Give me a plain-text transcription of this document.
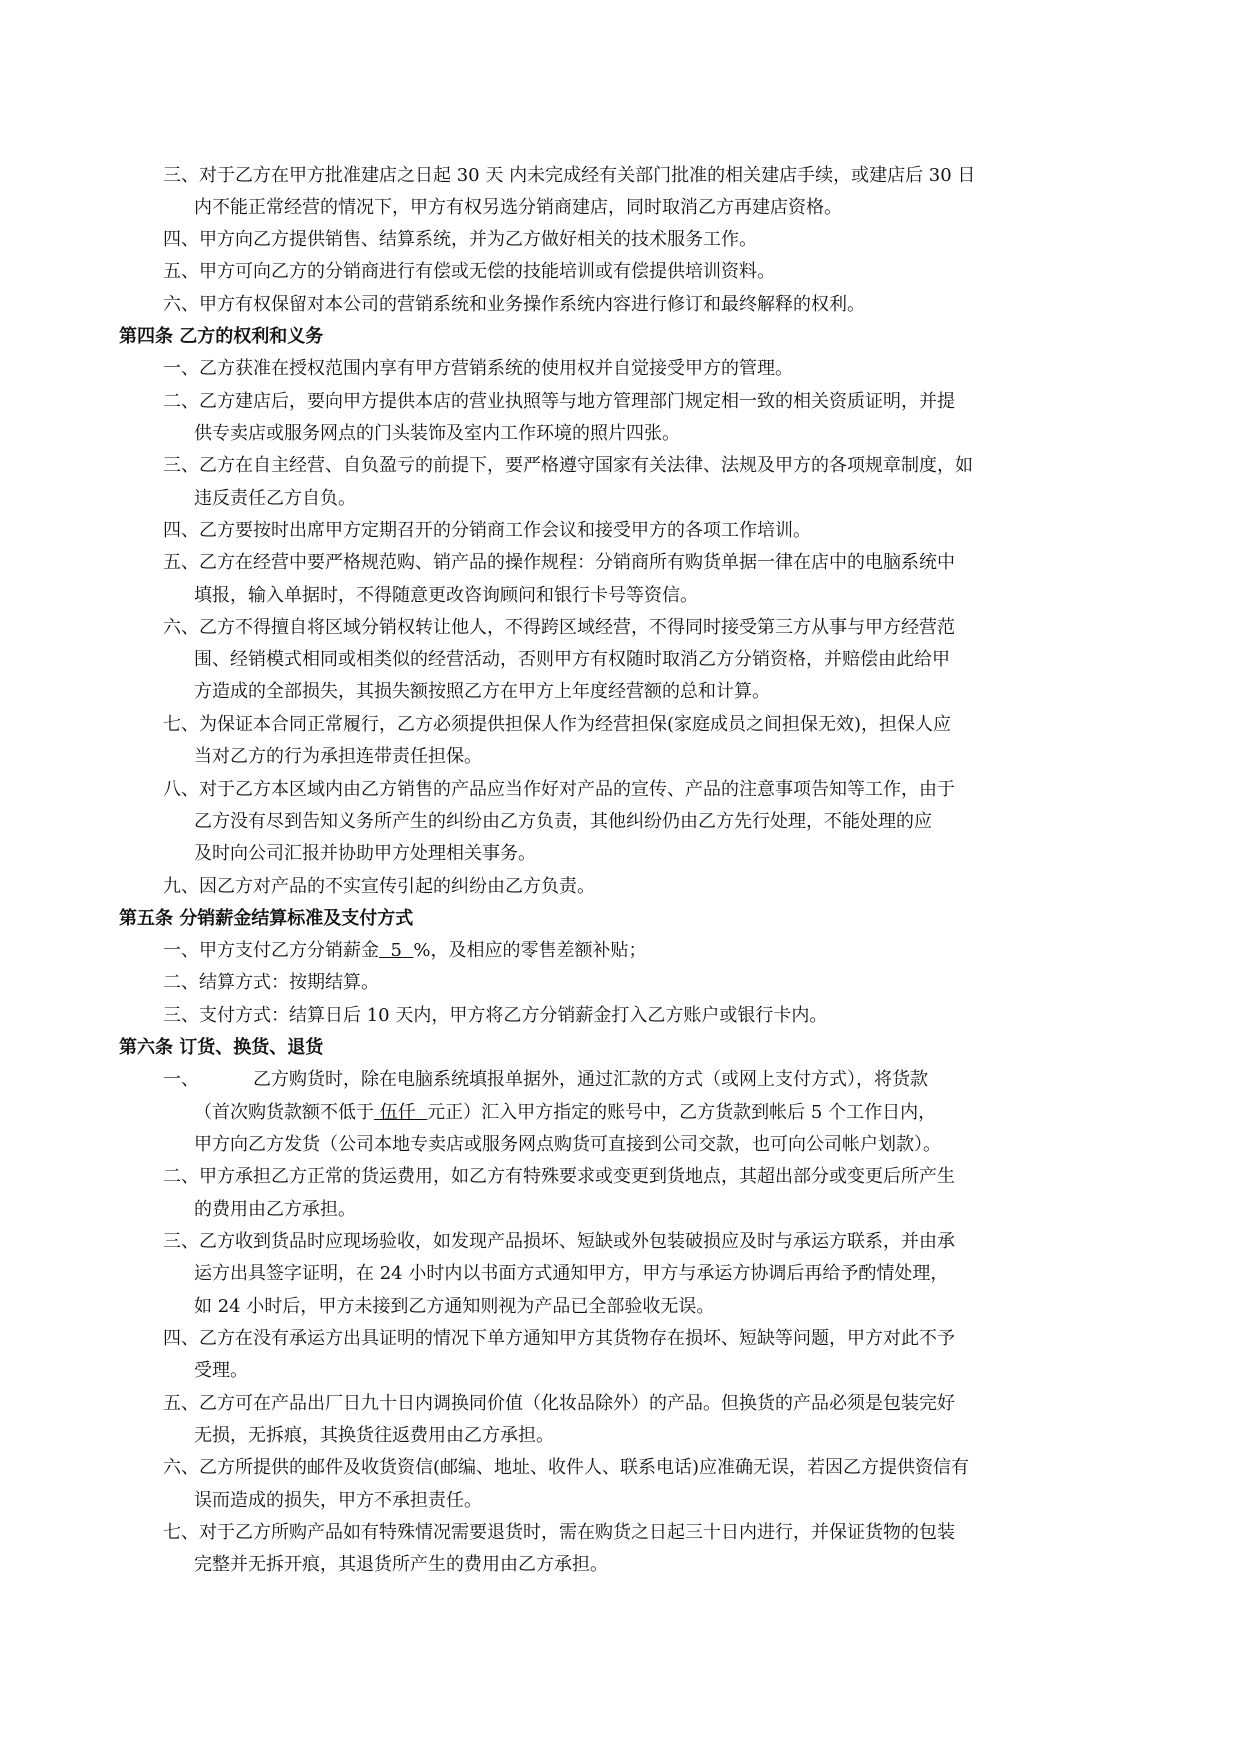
三、对于乙方在甲方批准建店之日起 30 天 内未完成经有关部门批准的相关建店手续，或建店后 30 日
内不能正常经营的情况下，甲方有权另选分销商建店，同时取消乙方再建店资格。
四、甲方向乙方提供销售、结算系统，并为乙方做好相关的技术服务工作。
五、甲方可向乙方的分销商进行有偿或无偿的技能培训或有偿提供培训资料。
六、甲方有权保留对本公司的营销系统和业务操作系统内容进行修订和最终解释的权利。
第四条 乙方的权利和义务
一、乙方获准在授权范围内享有甲方营销系统的使用权并自觉接受甲方的管理。
二、乙方建店后，要向甲方提供本店的营业执照等与地方管理部门规定相一致的相关资质证明，并提
供专卖店或服务网点的门头装饰及室内工作环境的照片四张。
三、乙方在自主经营、自负盈亏的前提下，要严格遵守国家有关法律、法规及甲方的各项规章制度，如
违反责任乙方自负。
四、乙方要按时出席甲方定期召开的分销商工作会议和接受甲方的各项工作培训。
五、乙方在经营中要严格规范购、销产品的操作规程：分销商所有购货单据一律在店中的电脑系统中
填报，输入单据时，不得随意更改咨询顾问和银行卡号等资信。
六、乙方不得擅自将区域分销权转让他人，不得跨区域经营，不得同时接受第三方从事与甲方经营范
围、经销模式相同或相类似的经营活动，否则甲方有权随时取消乙方分销资格，并赔偿由此给甲
方造成的全部损失，其损失额按照乙方在甲方上年度经营额的总和计算。
七、为保证本合同正常履行，乙方必须提供担保人作为经营担保(家庭成员之间担保无效)，担保人应
当对乙方的行为承担连带责任担保。
八、对于乙方本区域内由乙方销售的产品应当作好对产品的宣传、产品的注意事项告知等工作，由于
乙方没有尽到告知义务所产生的纠纷由乙方负责，其他纠纷仍由乙方先行处理，不能处理的应
及时向公司汇报并协助甲方处理相关事务。
九、因乙方对产品的不实宣传引起的纠纷由乙方负责。
第五条 分销薪金结算标准及支付方式
一、甲方支付乙方分销薪金  5  %，及相应的零售差额补贴；
二、结算方式：按期结算。
三、支付方式：结算日后 10 天内，甲方将乙方分销薪金打入乙方账户或银行卡内。
第六条 订货、换货、退货
一、	乙方购货时，除在电脑系统填报单据外，通过汇款的方式（或网上支付方式），将货款
（首次购货款额不低于 伍仟  元正）汇入甲方指定的账号中，乙方货款到帐后 5 个工作日内，
甲方向乙方发货（公司本地专卖店或服务网点购货可直接到公司交款，也可向公司帐户划款）。
二、甲方承担乙方正常的货运费用，如乙方有特殊要求或变更到货地点，其超出部分或变更后所产生
的费用由乙方承担。
三、乙方收到货品时应现场验收，如发现产品损坏、短缺或外包装破损应及时与承运方联系，并由承
运方出具签字证明，在 24 小时内以书面方式通知甲方，甲方与承运方协调后再给予酌情处理，
如 24 小时后，甲方未接到乙方通知则视为产品已全部验收无误。
四、乙方在没有承运方出具证明的情况下单方通知甲方其货物存在损坏、短缺等问题，甲方对此不予
受理。
五、乙方可在产品出厂日九十日内调换同价值（化妆品除外）的产品。但换货的产品必须是包装完好
无损，无拆痕，其换货往返费用由乙方承担。
六、乙方所提供的邮件及收货资信(邮编、地址、收件人、联系电话)应准确无误，若因乙方提供资信有
误而造成的损失，甲方不承担责任。
七、对于乙方所购产品如有特殊情况需要退货时，需在购货之日起三十日内进行，并保证货物的包装
完整并无拆开痕，其退货所产生的费用由乙方承担。
